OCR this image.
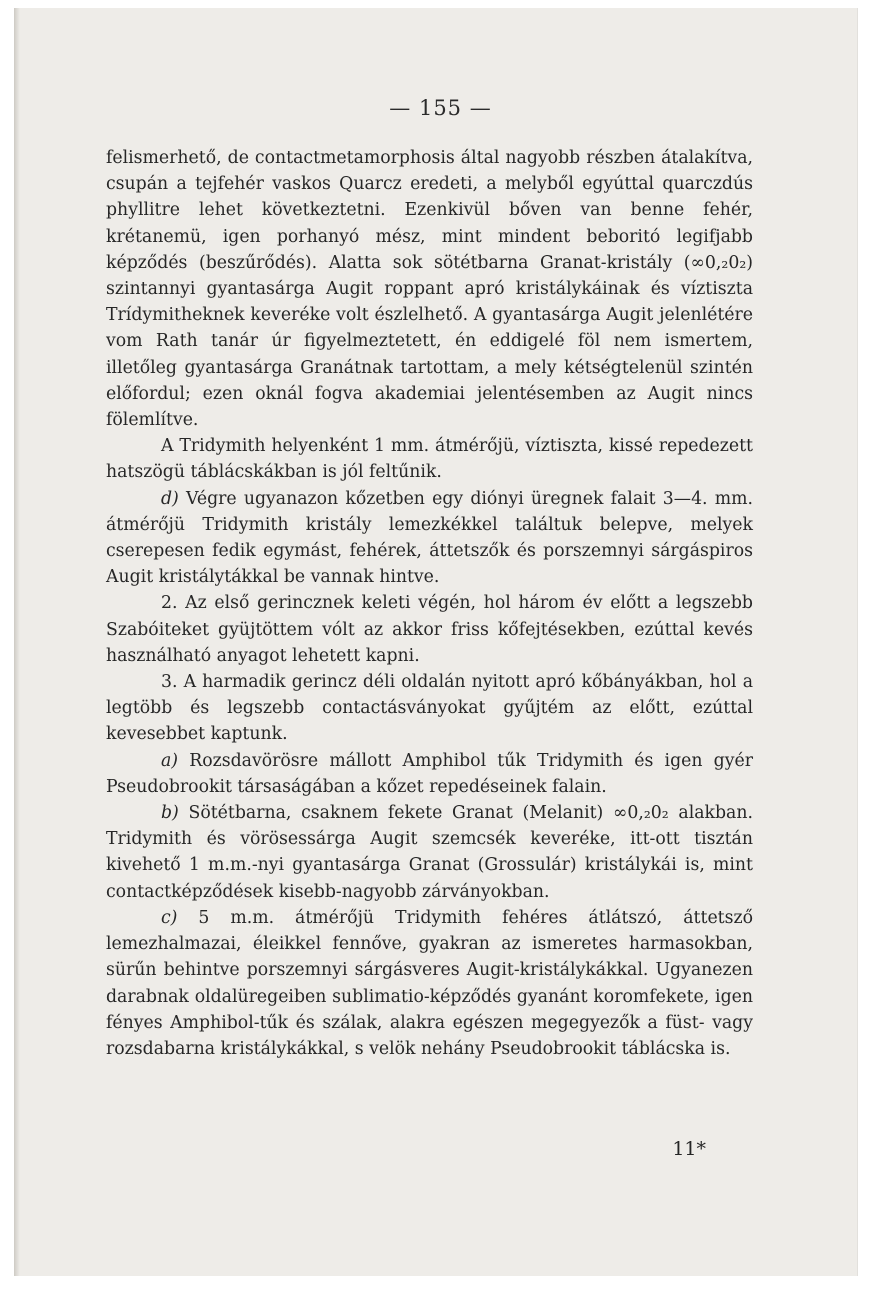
— 155 —

felismerhető, de contactmetamorphosis által nagyobb részben átalakítva, csupán a tejfehér vaskos Quarcz eredeti, a melyből egyúttal quarczdús phyllitre lehet következtetni. Ezenkivül bőven van benne fehér, krétanemü, igen porhanyó mész, mint mindent beboritó legifjabb képződés (beszűrődés). Alatta sok sötétbarna Granat-kristály (∞0,₂0₂) szintannyi gyantasárga Augit roppant apró kristálykáinak és víztiszta Trídymitheknek keveréke volt észlelhető. A gyantasárga Augit jelenlétére vom Rath tanár úr figyelmeztetett, én eddigelé föl nem ismertem, illetőleg gyantasárga Granátnak tartottam, a mely kétségtelenül szintén előfordul; ezen oknál fogva akademiai jelentésemben az Augit nincs fölemlítve.

A Tridymith helyenként 1 mm. átmérőjü, víztiszta, kissé repedezett hatszögü táblácskákban is jól feltűnik.

d) Végre ugyanazon kőzetben egy diónyi üregnek falait 3—4. mm. átmérőjü Tridymith kristály lemezkékkel találtuk belepve, melyek cserepesen fedik egymást, fehérek, áttetszők és porszemnyi sárgáspiros Augit kristálytákkal be vannak hintve.

2. Az első gerincznek keleti végén, hol három év előtt a legszebb Szabóiteket gyüjtöttem vólt az akkor friss kőfejtésekben, ezúttal kevés használható anyagot lehetett kapni.

3. A harmadik gerincz déli oldalán nyitott apró kőbányákban, hol a legtöbb és legszebb contactásványokat gyűjtém az előtt, ezúttal kevesebbet kaptunk.

a) Rozsdavörösre mállott Amphibol tűk Tridymith és igen gyér Pseudobrookit társaságában a kőzet repedéseinek falain.

b) Sötétbarna, csaknem fekete Granat (Melanit) ∞0,₂0₂ alakban. Tridymith és vörösessárga Augit szemcsék keveréke, itt-ott tisztán kivehető 1 m.m.-nyi gyantasárga Granat (Grossulár) kristálykái is, mint contactképződések kisebb-nagyobb zárványokban.

c) 5 m.m. átmérőjü Tridymith fehéres átlátszó, áttetsző lemezhalmazai, éleikkel fennőve, gyakran az ismeretes harmasokban, sürűn behintve porszemnyi sárgásveres Augit-kristálykákkal. Ugyanezen darabnak oldalüregeiben sublimatio-képződés gyanánt koromfekete, igen fényes Amphibol-tűk és szálak, alakra egészen megegyezők a füst- vagy rozsdabarna kristálykákkal, s velök nehány Pseudobrookit táblácska is.

11*
